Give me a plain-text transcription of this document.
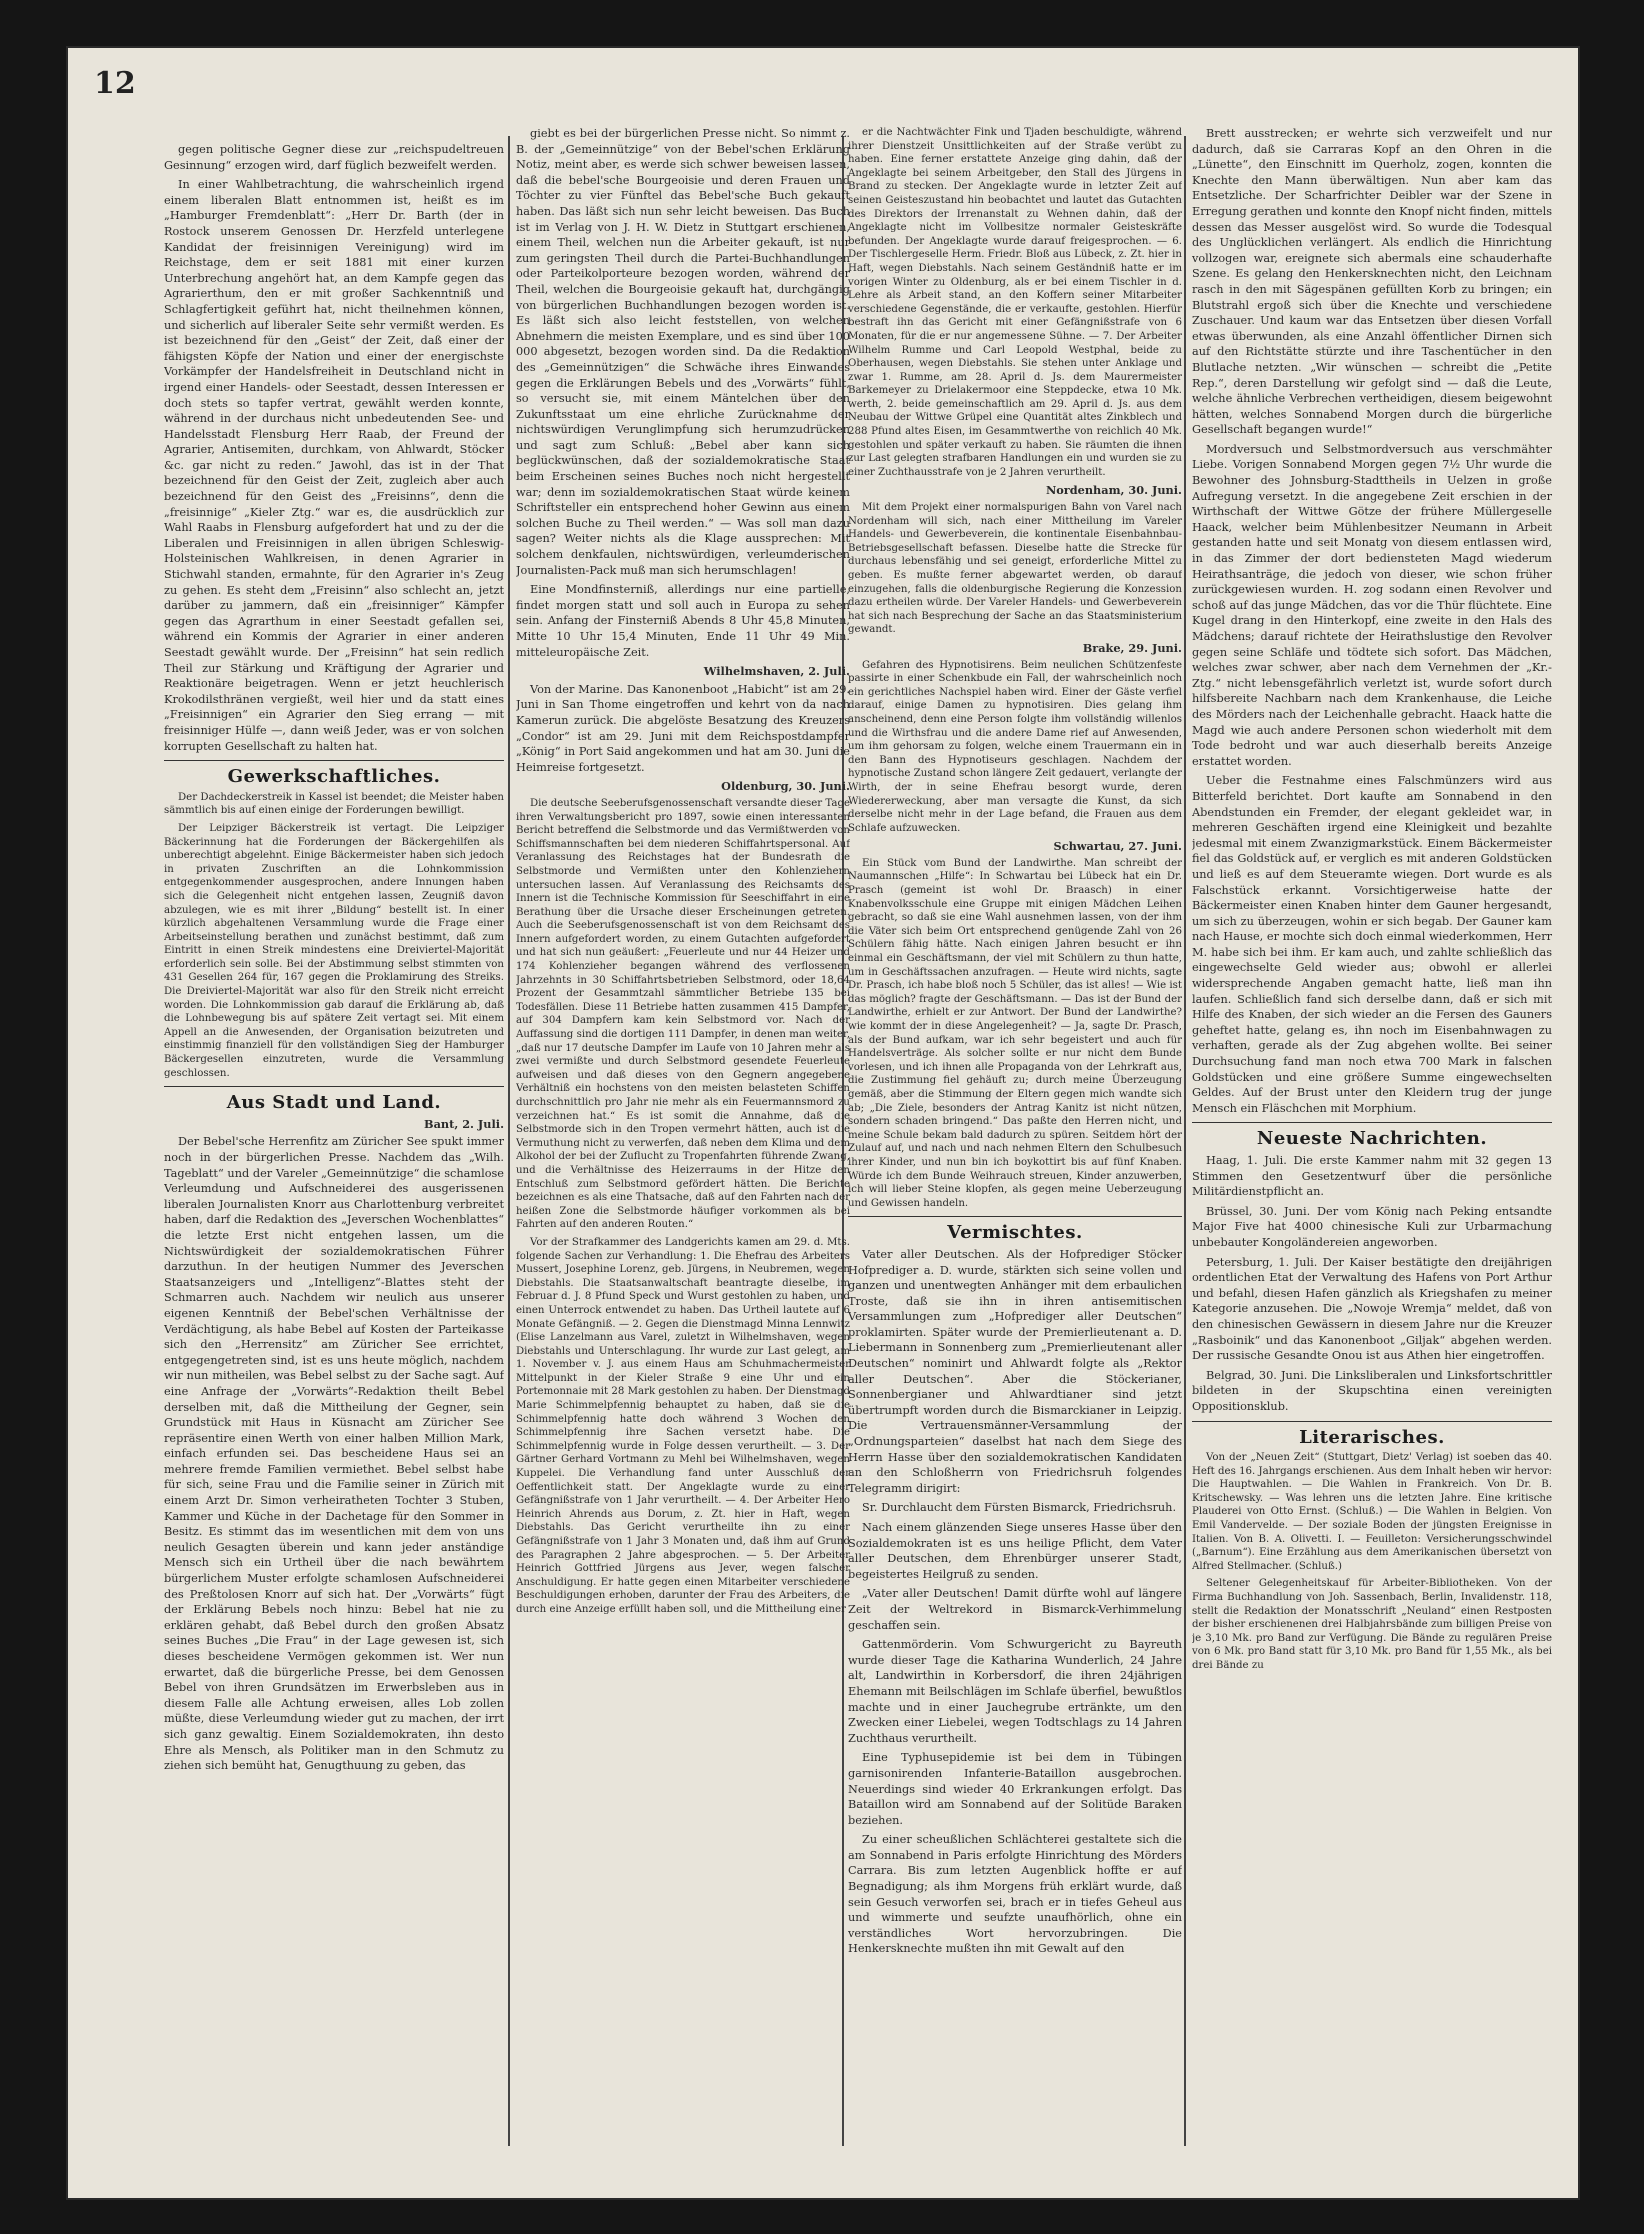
12

gegen politische Gegner diese zur „reichspudeltreuen Gesinnung“ erzogen wird, darf füglich bezweifelt werden.

In einer Wahlbetrachtung, die wahrscheinlich irgend einem liberalen Blatt entnommen ist, heißt es im „Hamburger Fremdenblatt“: „Herr Dr. Barth (der in Rostock unserem Genossen Dr. Herzfeld unterlegene Kandidat der freisinnigen Vereinigung) wird im Reichstage, dem er seit 1881 mit einer kurzen Unterbrechung angehört hat, an dem Kampfe gegen das Agrarierthum, den er mit großer Sachkenntniß und Schlagfertigkeit geführt hat, nicht theilnehmen können, und sicherlich auf liberaler Seite sehr vermißt werden. Es ist bezeichnend für den „Geist“ der Zeit, daß einer der fähigsten Köpfe der Nation und einer der energischste Vorkämpfer der Handelsfreiheit in Deutschland nicht in irgend einer Handels- oder Seestadt, dessen Interessen er doch stets so tapfer vertrat, gewählt werden konnte, während in der durchaus nicht unbedeutenden See- und Handelsstadt Flensburg Herr Raab, der Freund der Agrarier, Antisemiten, durchkam, von Ahlwardt, Stöcker &c. gar nicht zu reden.“ Jawohl, das ist in der That bezeichnend für den Geist der Zeit, zugleich aber auch bezeichnend für den Geist des „Freisinns“, denn die „freisinnige“ „Kieler Ztg.“ war es, die ausdrücklich zur Wahl Raabs in Flensburg aufgefordert hat und zu der die Liberalen und Freisinnigen in allen übrigen Schleswig-Holsteinischen Wahlkreisen, in denen Agrarier in Stichwahl standen, ermahnte, für den Agrarier in's Zeug zu gehen. Es steht dem „Freisinn“ also schlecht an, jetzt darüber zu jammern, daß ein „freisinniger“ Kämpfer gegen das Agrarthum in einer Seestadt gefallen sei, während ein Kommis der Agrarier in einer anderen Seestadt gewählt wurde. Der „Freisinn“ hat sein redlich Theil zur Stärkung und Kräftigung der Agrarier und Reaktionäre beigetragen. Wenn er jetzt heuchlerisch Krokodilsthränen vergießt, weil hier und da statt eines „Freisinnigen“ ein Agrarier den Sieg errang — mit freisinniger Hülfe —, dann weiß Jeder, was er von solchen korrupten Gesellschaft zu halten hat.

Gewerkschaftliches.

Der Dachdeckerstreik in Kassel ist beendet; die Meister haben sämmtlich bis auf einen einige der Forderungen bewilligt.

Der Leipziger Bäckerstreik ist vertagt. Die Leipziger Bäckerinnung hat die Forderungen der Bäckergehilfen als unberechtigt abgelehnt. Einige Bäckermeister haben sich jedoch in privaten Zuschriften an die Lohnkommission entgegenkommender ausgesprochen, andere Innungen haben sich die Gelegenheit nicht entgehen lassen, Zeugniß davon abzulegen, wie es mit ihrer „Bildung“ bestellt ist. In einer kürzlich abgehaltenen Versammlung wurde die Frage einer Arbeitseinstellung berathen und zunächst bestimmt, daß zum Eintritt in einen Streik mindestens eine Dreiviertel-Majorität erforderlich sein solle. Bei der Abstimmung selbst stimmten von 431 Gesellen 264 für, 167 gegen die Proklamirung des Streiks. Die Dreiviertel-Majorität war also für den Streik nicht erreicht worden. Die Lohnkommission gab darauf die Erklärung ab, daß die Lohnbewegung bis auf spätere Zeit vertagt sei. Mit einem Appell an die Anwesenden, der Organisation beizutreten und einstimmig finanziell für den vollständigen Sieg der Hamburger Bäckergesellen einzutreten, wurde die Versammlung geschlossen.

Aus Stadt und Land.
Bant, 2. Juli.

Der Bebel'sche Herrenfitz am Züricher See spukt immer noch in der bürgerlichen Presse. Nachdem das „Wilh. Tageblatt“ und der Vareler „Gemeinnützige“ die schamlose Verleumdung und Aufschneiderei des ausgerissenen liberalen Journalisten Knorr aus Charlottenburg verbreitet haben, darf die Redaktion des „Jeverschen Wochenblattes“ die letzte Erst nicht entgehen lassen, um die Nichtswürdigkeit der sozialdemokratischen Führer darzuthun. In der heutigen Nummer des Jeverschen Staatsanzeigers und „Intelligenz“-Blattes steht der Schmarren auch. Nachdem wir neulich aus unserer eigenen Kenntniß der Bebel'schen Verhältnisse der Verdächtigung, als habe Bebel auf Kosten der Parteikasse sich den „Herrensitz“ am Züricher See errichtet, entgegengetreten sind, ist es uns heute möglich, nachdem wir nun mitheilen, was Bebel selbst zu der Sache sagt. Auf eine Anfrage der „Vorwärts“-Redaktion theilt Bebel derselben mit, daß die Mittheilung der Gegner, sein Grundstück mit Haus in Küsnacht am Züricher See repräsentire einen Werth von einer halben Million Mark, einfach erfunden sei. Das bescheidene Haus sei an mehrere fremde Familien vermiethet. Bebel selbst habe für sich, seine Frau und die Familie seiner in Zürich mit einem Arzt Dr. Simon verheiratheten Tochter 3 Stuben, Kammer und Küche in der Dachetage für den Sommer in Besitz. Es stimmt das im wesentlichen mit dem von uns neulich Gesagten überein und kann jeder anständige Mensch sich ein Urtheil über die nach bewährtem bürgerlichem Muster erfolgte schamlosen Aufschneiderei des Preßtolosen Knorr auf sich hat. Der „Vorwärts“ fügt der Erklärung Bebels noch hinzu: Bebel hat nie zu erklären gehabt, daß Bebel durch den großen Absatz seines Buches „Die Frau“ in der Lage gewesen ist, sich dieses bescheidene Vermögen gekommen ist. Wer nun erwartet, daß die bürgerliche Presse, bei dem Genossen Bebel von ihren Grundsätzen im Erwerbsleben aus in diesem Falle alle Achtung erweisen, alles Lob zollen müßte, diese Verleumdung wieder gut zu machen, der irrt sich ganz gewaltig. Einem Sozialdemokraten, ihn desto Ehre als Mensch, als Politiker man in den Schmutz zu ziehen sich bemüht hat, Genugthuung zu geben, das

giebt es bei der bürgerlichen Presse nicht. So nimmt z. B. der „Gemeinnützige“ von der Bebel'schen Erklärung Notiz, meint aber, es werde sich schwer beweisen lassen, daß die bebel'sche Bourgeoisie und deren Frauen und Töchter zu vier Fünftel das Bebel'sche Buch gekauft haben. Das läßt sich nun sehr leicht beweisen. Das Buch ist im Verlag von J. H. W. Dietz in Stuttgart erschienen, einem Theil, welchen nun die Arbeiter gekauft, ist nur zum geringsten Theil durch die Partei-Buchhandlungen oder Parteikolporteure bezogen worden, während der Theil, welchen die Bourgeoisie gekauft hat, durchgängig von bürgerlichen Buchhandlungen bezogen worden ist. Es läßt sich also leicht feststellen, von welchen Abnehmern die meisten Exemplare, und es sind über 100 000 abgesetzt, bezogen worden sind. Da die Redaktion des „Gemeinnützigen“ die Schwäche ihres Einwandes gegen die Erklärungen Bebels und des „Vorwärts“ fühlt, so versucht sie, mit einem Mäntelchen über den Zukunftsstaat um eine ehrliche Zurücknahme der nichtswürdigen Verunglimpfung sich herumzudrücken und sagt zum Schluß: „Bebel aber kann sich beglückwünschen, daß der sozialdemokratische Staat beim Erscheinen seines Buches noch nicht hergestellt war; denn im sozialdemokratischen Staat würde keinem Schriftsteller ein entsprechend hoher Gewinn aus einem solchen Buche zu Theil werden.“ — Was soll man dazu sagen? Weiter nichts als die Klage aussprechen: Mit solchem denkfaulen, nichtswürdigen, verleumderischen Journalisten-Pack muß man sich herumschlagen!

Eine Mondfinsterniß, allerdings nur eine partielle, findet morgen statt und soll auch in Europa zu sehen sein. Anfang der Finsterniß Abends 8 Uhr 45,8 Minuten, Mitte 10 Uhr 15,4 Minuten, Ende 11 Uhr 49 Min. mitteleuropäische Zeit.

Wilhelmshaven, 2. Juli.

Von der Marine. Das Kanonenboot „Habicht“ ist am 29. Juni in San Thome eingetroffen und kehrt von da nach Kamerun zurück. Die abgelöste Besatzung des Kreuzers „Condor“ ist am 29. Juni mit dem Reichspostdampfer „König“ in Port Said angekommen und hat am 30. Juni die Heimreise fortgesetzt.

Oldenburg, 30. Juni.

Die deutsche Seeberufsgenossenschaft versandte dieser Tage ihren Verwaltungsbericht pro 1897, sowie einen interessanten Bericht betreffend die Selbstmorde und das Vermißtwerden von Schiffsmannschaften bei dem niederen Schiffahrtspersonal. Auf Veranlassung des Reichstages hat der Bundesrath die Selbstmorde und Vermißten unter den Kohlenziehern untersuchen lassen. Auf Veranlassung des Reichsamts des Innern ist die Technische Kommission für Seeschiffahrt in eine Berathung über die Ursache dieser Erscheinungen getreten. Auch die Seeberufsgenossenschaft ist von dem Reichsamt des Innern aufgefordert worden, zu einem Gutachten aufgefordert und hat sich nun geäußert: „Feuerleute und nur 44 Heizer und 174 Kohlenzieher begangen während des verflossenen Jahrzehnts in 30 Schiffahrtsbetrieben Selbstmord, oder 18,64 Prozent der Gesammtzahl sämmtlicher Betriebe 135 bei Todesfällen. Diese 11 Betriebe hatten zusammen 415 Dampfer, auf 304 Dampfern kam kein Selbstmord vor. Nach der Auffassung sind die dortigen 111 Dampfer, in denen man weiter, „daß nur 17 deutsche Dampfer im Laufe von 10 Jahren mehr als zwei vermißte und durch Selbstmord gesendete Feuerleute aufweisen und daß dieses von den Gegnern angegebene Verhältniß ein hochstens von den meisten belasteten Schiffen durchschnittlich pro Jahr nie mehr als ein Feuermannsmord zu verzeichnen hat.“ Es ist somit die Annahme, daß die Selbstmorde sich in den Tropen vermehrt hätten, auch ist die Vermuthung nicht zu verwerfen, daß neben dem Klima und dem Alkohol der bei der Zuflucht zu Tropenfahrten führende Zwang, und die Verhältnisse des Heizerraums in der Hitze den Entschluß zum Selbstmord gefördert hätten. Die Berichte bezeichnen es als eine Thatsache, daß auf den Fahrten nach der heißen Zone die Selbstmorde häufiger vorkommen als bei Fahrten auf den anderen Routen.“

Vor der Strafkammer des Landgerichts kamen am 29. d. Mts. folgende Sachen zur Verhandlung: 1. Die Ehefrau des Arbeiters Mussert, Josephine Lorenz, geb. Jürgens, in Neubremen, wegen Diebstahls. Die Staatsanwaltschaft beantragte dieselbe, im Februar d. J. 8 Pfund Speck und Wurst gestohlen zu haben, und einen Unterrock entwendet zu haben. Das Urtheil lautete auf 6 Monate Gefängniß. — 2. Gegen die Dienstmagd Minna Lennwitz (Elise Lanzelmann aus Varel, zuletzt in Wilhelmshaven, wegen Diebstahls und Unterschlagung. Ihr wurde zur Last gelegt, am 1. November v. J. aus einem Haus am Schuhmachermeister Mittelpunkt in der Kieler Straße 9 eine Uhr und ein Portemonnaie mit 28 Mark gestohlen zu haben. Der Dienstmagd Marie Schimmelpfennig behauptet zu haben, daß sie die Schimmelpfennig hatte doch während 3 Wochen den Schimmelpfennig ihre Sachen versetzt habe. Die Schimmelpfennig wurde in Folge dessen verurtheilt. — 3. Der Gärtner Gerhard Vortmann zu Mehl bei Wilhelmshaven, wegen Kuppelei. Die Verhandlung fand unter Ausschluß der Oeffentlichkeit statt. Der Angeklagte wurde zu einer Gefängnißstrafe von 1 Jahr verurtheilt. — 4. Der Arbeiter Hero Heinrich Ahrends aus Dorum, z. Zt. hier in Haft, wegen Diebstahls. Das Gericht verurtheilte ihn zu einer Gefängnißstrafe von 1 Jahr 3 Monaten und, daß ihm auf Grund des Paragraphen 2 Jahre abgesprochen. — 5. Der Arbeiter Heinrich Gottfried Jürgens aus Jever, wegen falscher Anschuldigung. Er hatte gegen einen Mitarbeiter verschiedene Beschuldigungen erhoben, darunter der Frau des Arbeiters, die durch eine Anzeige erfüllt haben soll, und die Mittheilung einer

er die Nachtwächter Fink und Tjaden beschuldigte, während ihrer Dienstzeit Unsittlichkeiten auf der Straße verübt zu haben. Eine ferner erstattete Anzeige ging dahin, daß der Angeklagte bei seinem Arbeitgeber, den Stall des Jürgens in Brand zu stecken. Der Angeklagte wurde in letzter Zeit auf seinen Geisteszustand hin beobachtet und lautet das Gutachten des Direktors der Irrenanstalt zu Wehnen dahin, daß der Angeklagte nicht im Vollbesitze normaler Geisteskräfte befunden. Der Angeklagte wurde darauf freigesprochen. — 6. Der Tischlergeselle Herm. Friedr. Bloß aus Lübeck, z. Zt. hier in Haft, wegen Diebstahls. Nach seinem Geständniß hatte er im vorigen Winter zu Oldenburg, als er bei einem Tischler in d. Lehre als Arbeit stand, an den Koffern seiner Mitarbeiter verschiedene Gegenstände, die er verkaufte, gestohlen. Hierfür bestraft ihn das Gericht mit einer Gefängnißstrafe von 6 Monaten, für die er nur angemessene Sühne. — 7. Der Arbeiter Wilhelm Rumme und Carl Leopold Westphal, beide zu Oberhausen, wegen Diebstahls. Sie stehen unter Anklage und zwar 1. Rumme, am 28. April d. Js. dem Maurermeister Barkemeyer zu Drielakermoor eine Steppdecke, etwa 10 Mk. werth, 2. beide gemeinschaftlich am 29. April d. Js. aus dem Neubau der Wittwe Grüpel eine Quantität altes Zinkblech und 288 Pfund altes Eisen, im Gesammtwerthe von reichlich 40 Mk. gestohlen und später verkauft zu haben. Sie räumten die ihnen zur Last gelegten strafbaren Handlungen ein und wurden sie zu einer Zuchthausstrafe von je 2 Jahren verurtheilt.

Nordenham, 30. Juni.

Mit dem Projekt einer normalspurigen Bahn von Varel nach Nordenham will sich, nach einer Mittheilung im Vareler Handels- und Gewerbeverein, die kontinentale Eisenbahnbau-Betriebsgesellschaft befassen. Dieselbe hatte die Strecke für durchaus lebensfähig und sei geneigt, erforderliche Mittel zu geben. Es mußte ferner abgewartet werden, ob darauf einzugehen, falls die oldenburgische Regierung die Konzession dazu ertheilen würde. Der Vareler Handels- und Gewerbeverein hat sich nach Besprechung der Sache an das Staatsministerium gewandt.

Brake, 29. Juni.

Gefahren des Hypnotisirens. Beim neulichen Schützenfeste passirte in einer Schenkbude ein Fall, der wahrscheinlich noch ein gerichtliches Nachspiel haben wird. Einer der Gäste verfiel darauf, einige Damen zu hypnotisiren. Dies gelang ihm anscheinend, denn eine Person folgte ihm vollständig willenlos und die Wirthsfrau und die andere Dame rief auf Anwesenden, um ihm gehorsam zu folgen, welche einem Trauermann ein in den Bann des Hypnotiseurs geschlagen. Nachdem der hypnotische Zustand schon längere Zeit gedauert, verlangte der Wirth, der in seine Ehefrau besorgt wurde, deren Wiedererweckung, aber man versagte die Kunst, da sich derselbe nicht mehr in der Lage befand, die Frauen aus dem Schlafe aufzuwecken.

Schwartau, 27. Juni.

Ein Stück vom Bund der Landwirthe. Man schreibt der Naumannschen „Hilfe“: In Schwartau bei Lübeck hat ein Dr. Prasch (gemeint ist wohl Dr. Braasch) in einer Knabenvolksschule eine Gruppe mit einigen Mädchen Leihen gebracht, so daß sie eine Wahl ausnehmen lassen, von der ihm die Väter sich beim Ort entsprechend genügende Zahl von 26 Schülern fähig hätte. Nach einigen Jahren besucht er ihn einmal ein Geschäftsmann, der viel mit Schülern zu thun hatte, um in Geschäftssachen anzufragen. — Heute wird nichts, sagte Dr. Prasch, ich habe bloß noch 5 Schüler, das ist alles! — Wie ist das möglich? fragte der Geschäftsmann. — Das ist der Bund der Landwirthe, erhielt er zur Antwort. Der Bund der Landwirthe? wie kommt der in diese Angelegenheit? — Ja, sagte Dr. Prasch, als der Bund aufkam, war ich sehr begeistert und auch für Handelsverträge. Als solcher sollte er nur nicht dem Bunde vorlesen, und ich ihnen alle Propaganda von der Lehrkraft aus, die Zustimmung fiel gehäuft zu; durch meine Überzeugung gemäß, aber die Stimmung der Eltern gegen mich wandte sich ab; „Die Ziele, besonders der Antrag Kanitz ist nicht nützen, sondern schaden bringend.“ Das paßte den Herren nicht, und meine Schule bekam bald dadurch zu spüren. Seitdem hört der Zulauf auf, und nach und nach nehmen Eltern den Schulbesuch ihrer Kinder, und nun bin ich boykottirt bis auf fünf Knaben. Würde ich dem Bunde Weihrauch streuen, Kinder anzuwerben, ich will lieber Steine klopfen, als gegen meine Ueberzeugung und Gewissen handeln.

Vermischtes.

Vater aller Deutschen. Als der Hofprediger Stöcker Hofprediger a. D. wurde, stärkten sich seine vollen und ganzen und unentwegten Anhänger mit dem erbaulichen Troste, daß sie ihn in ihren antisemitischen Versammlungen zum „Hofprediger aller Deutschen“ proklamirten. Später wurde der Premierlieutenant a. D. Liebermann in Sonnenberg zum „Premierlieutenant aller Deutschen“ nominirt und Ahlwardt folgte als „Rektor aller Deutschen“. Aber die Stöckerianer, Sonnenbergianer und Ahlwardtianer sind jetzt übertrumpft worden durch die Bismarckianer in Leipzig. Die Vertrauensmänner-Versammlung der „Ordnungsparteien“ daselbst hat nach dem Siege des Herrn Hasse über den sozialdemokratischen Kandidaten an den Schloßherrn von Friedrichsruh folgendes Telegramm dirigirt:

Sr. Durchlaucht dem Fürsten Bismarck, Friedrichsruh.

Nach einem glänzenden Siege unseres Hasse über den Sozialdemokraten ist es uns heilige Pflicht, dem Vater aller Deutschen, dem Ehrenbürger unserer Stadt, begeistertes Heilgruß zu senden.

„Vater aller Deutschen! Damit dürfte wohl auf längere Zeit der Weltrekord in Bismarck-Verhimmelung geschaffen sein.

Gattenmörderin. Vom Schwurgericht zu Bayreuth wurde dieser Tage die Katharina Wunderlich, 24 Jahre alt, Landwirthin in Korbersdorf, die ihren 24jährigen Ehemann mit Beilschlägen im Schlafe überfiel, bewußtlos machte und in einer Jauchegrube ertränkte, um den Zwecken einer Liebelei, wegen Todtschlags zu 14 Jahren Zuchthaus verurtheilt.

Eine Typhusepidemie ist bei dem in Tübingen garnisonirenden Infanterie-Bataillon ausgebrochen. Neuerdings sind wieder 40 Erkrankungen erfolgt. Das Bataillon wird am Sonnabend auf der Solitüde Baraken beziehen.

Zu einer scheußlichen Schlächterei gestaltete sich die am Sonnabend in Paris erfolgte Hinrichtung des Mörders Carrara. Bis zum letzten Augenblick hoffte er auf Begnadigung; als ihm Morgens früh erklärt wurde, daß sein Gesuch verworfen sei, brach er in tiefes Geheul aus und wimmerte und seufzte unaufhörlich, ohne ein verständliches Wort hervorzubringen. Die Henkersknechte mußten ihn mit Gewalt auf den

Brett ausstrecken; er wehrte sich verzweifelt und nur dadurch, daß sie Carraras Kopf an den Ohren in die „Lünette“, den Einschnitt im Querholz, zogen, konnten die Knechte den Mann überwältigen. Nun aber kam das Entsetzliche. Der Scharfrichter Deibler war der Szene in Erregung gerathen und konnte den Knopf nicht finden, mittels dessen das Messer ausgelöst wird. So wurde die Todesqual des Unglücklichen verlängert. Als endlich die Hinrichtung vollzogen war, ereignete sich abermals eine schauderhafte Szene. Es gelang den Henkersknechten nicht, den Leichnam rasch in den mit Sägespänen gefüllten Korb zu bringen; ein Blutstrahl ergoß sich über die Knechte und verschiedene Zuschauer. Und kaum war das Entsetzen über diesen Vorfall etwas überwunden, als eine Anzahl öffentlicher Dirnen sich auf den Richtstätte stürzte und ihre Taschentücher in den Blutlache netzten. „Wir wünschen — schreibt die „Petite Rep.“, deren Darstellung wir gefolgt sind — daß die Leute, welche ähnliche Verbrechen vertheidigen, diesem beigewohnt hätten, welches Sonnabend Morgen durch die bürgerliche Gesellschaft begangen wurde!“

Mordversuch und Selbstmordversuch aus verschmähter Liebe. Vorigen Sonnabend Morgen gegen 7½ Uhr wurde die Bewohner des Johnsburg-Stadttheils in Uelzen in große Aufregung versetzt. In die angegebene Zeit erschien in der Wirthschaft der Wittwe Götze der frühere Müllergeselle Haack, welcher beim Mühlenbesitzer Neumann in Arbeit gestanden hatte und seit Monatg von diesem entlassen wird, in das Zimmer der dort bediensteten Magd wiederum Heirathsanträge, die jedoch von dieser, wie schon früher zurückgewiesen wurden. H. zog sodann einen Revolver und schoß auf das junge Mädchen, das vor die Thür flüchtete. Eine Kugel drang in den Hinterkopf, eine zweite in den Hals des Mädchens; darauf richtete der Heirathslustige den Revolver gegen seine Schläfe und tödtete sich sofort. Das Mädchen, welches zwar schwer, aber nach dem Vernehmen der „Kr.-Ztg.“ nicht lebensgefährlich verletzt ist, wurde sofort durch hilfsbereite Nachbarn nach dem Krankenhause, die Leiche des Mörders nach der Leichenhalle gebracht. Haack hatte die Magd wie auch andere Personen schon wiederholt mit dem Tode bedroht und war auch dieserhalb bereits Anzeige erstattet worden.

Ueber die Festnahme eines Falschmünzers wird aus Bitterfeld berichtet. Dort kaufte am Sonnabend in den Abendstunden ein Fremder, der elegant gekleidet war, in mehreren Geschäften irgend eine Kleinigkeit und bezahlte jedesmal mit einem Zwanzigmarkstück. Einem Bäckermeister fiel das Goldstück auf, er verglich es mit anderen Goldstücken und ließ es auf dem Steueramte wiegen. Dort wurde es als Falschstück erkannt. Vorsichtigerweise hatte der Bäckermeister einen Knaben hinter dem Gauner hergesandt, um sich zu überzeugen, wohin er sich begab. Der Gauner kam nach Hause, er mochte sich doch einmal wiederkommen, Herr M. habe sich bei ihm. Er kam auch, und zahlte schließlich das eingewechselte Geld wieder aus; obwohl er allerlei widersprechende Angaben gemacht hatte, ließ man ihn laufen. Schließlich fand sich derselbe dann, daß er sich mit Hilfe des Knaben, der sich wieder an die Fersen des Gauners geheftet hatte, gelang es, ihn noch im Eisenbahnwagen zu verhaften, gerade als der Zug abgehen wollte. Bei seiner Durchsuchung fand man noch etwa 700 Mark in falschen Goldstücken und eine größere Summe eingewechselten Geldes. Auf der Brust unter den Kleidern trug der junge Mensch ein Fläschchen mit Morphium.

Neueste Nachrichten.

Haag, 1. Juli. Die erste Kammer nahm mit 32 gegen 13 Stimmen den Gesetzentwurf über die persönliche Militärdienstpflicht an.

Brüssel, 30. Juni. Der vom König nach Peking entsandte Major Five hat 4000 chinesische Kuli zur Urbarmachung unbebauter Kongoländereien angeworben.

Petersburg, 1. Juli. Der Kaiser bestätigte den dreijährigen ordentlichen Etat der Verwaltung des Hafens von Port Arthur und befahl, diesen Hafen gänzlich als Kriegshafen zu meiner Kategorie anzusehen. Die „Nowoje Wremja“ meldet, daß von den chinesischen Gewässern in diesem Jahre nur die Kreuzer „Rasboinik“ und das Kanonenboot „Giljak“ abgehen werden. Der russische Gesandte Onou ist aus Athen hier eingetroffen.

Belgrad, 30. Juni. Die Linksliberalen und Linksfortschrittler bildeten in der Skupschtina einen vereinigten Oppositionsklub.

Literarisches.

Von der „Neuen Zeit“ (Stuttgart, Dietz' Verlag) ist soeben das 40. Heft des 16. Jahrgangs erschienen. Aus dem Inhalt heben wir hervor: Die Hauptwahlen. — Die Wahlen in Frankreich. Von Dr. B. Kritschewsky. — Was lehren uns die letzten Jahre. Eine kritische Plauderei von Otto Ernst. (Schluß.) — Die Wahlen in Belgien. Von Emil Vandervelde. — Der soziale Boden der jüngsten Ereignisse in Italien. Von B. A. Olivetti. I. — Feuilleton: Versicherungsschwindel („Barnum“). Eine Erzählung aus dem Amerikanischen übersetzt von Alfred Stellmacher. (Schluß.)

Seltener Gelegenheitskauf für Arbeiter-Bibliotheken. Von der Firma Buchhandlung von Joh. Sassenbach, Berlin, Invalidenstr. 118, stellt die Redaktion der Monatsschrift „Neuland“ einen Restposten der bisher erschienenen drei Halbjahrsbände zum billigen Preise von je 3,10 Mk. pro Band zur Verfügung. Die Bände zu regulären Preise von 6 Mk. pro Band statt für 3,10 Mk. pro Band für 1,55 Mk., als bei drei Bände zu
